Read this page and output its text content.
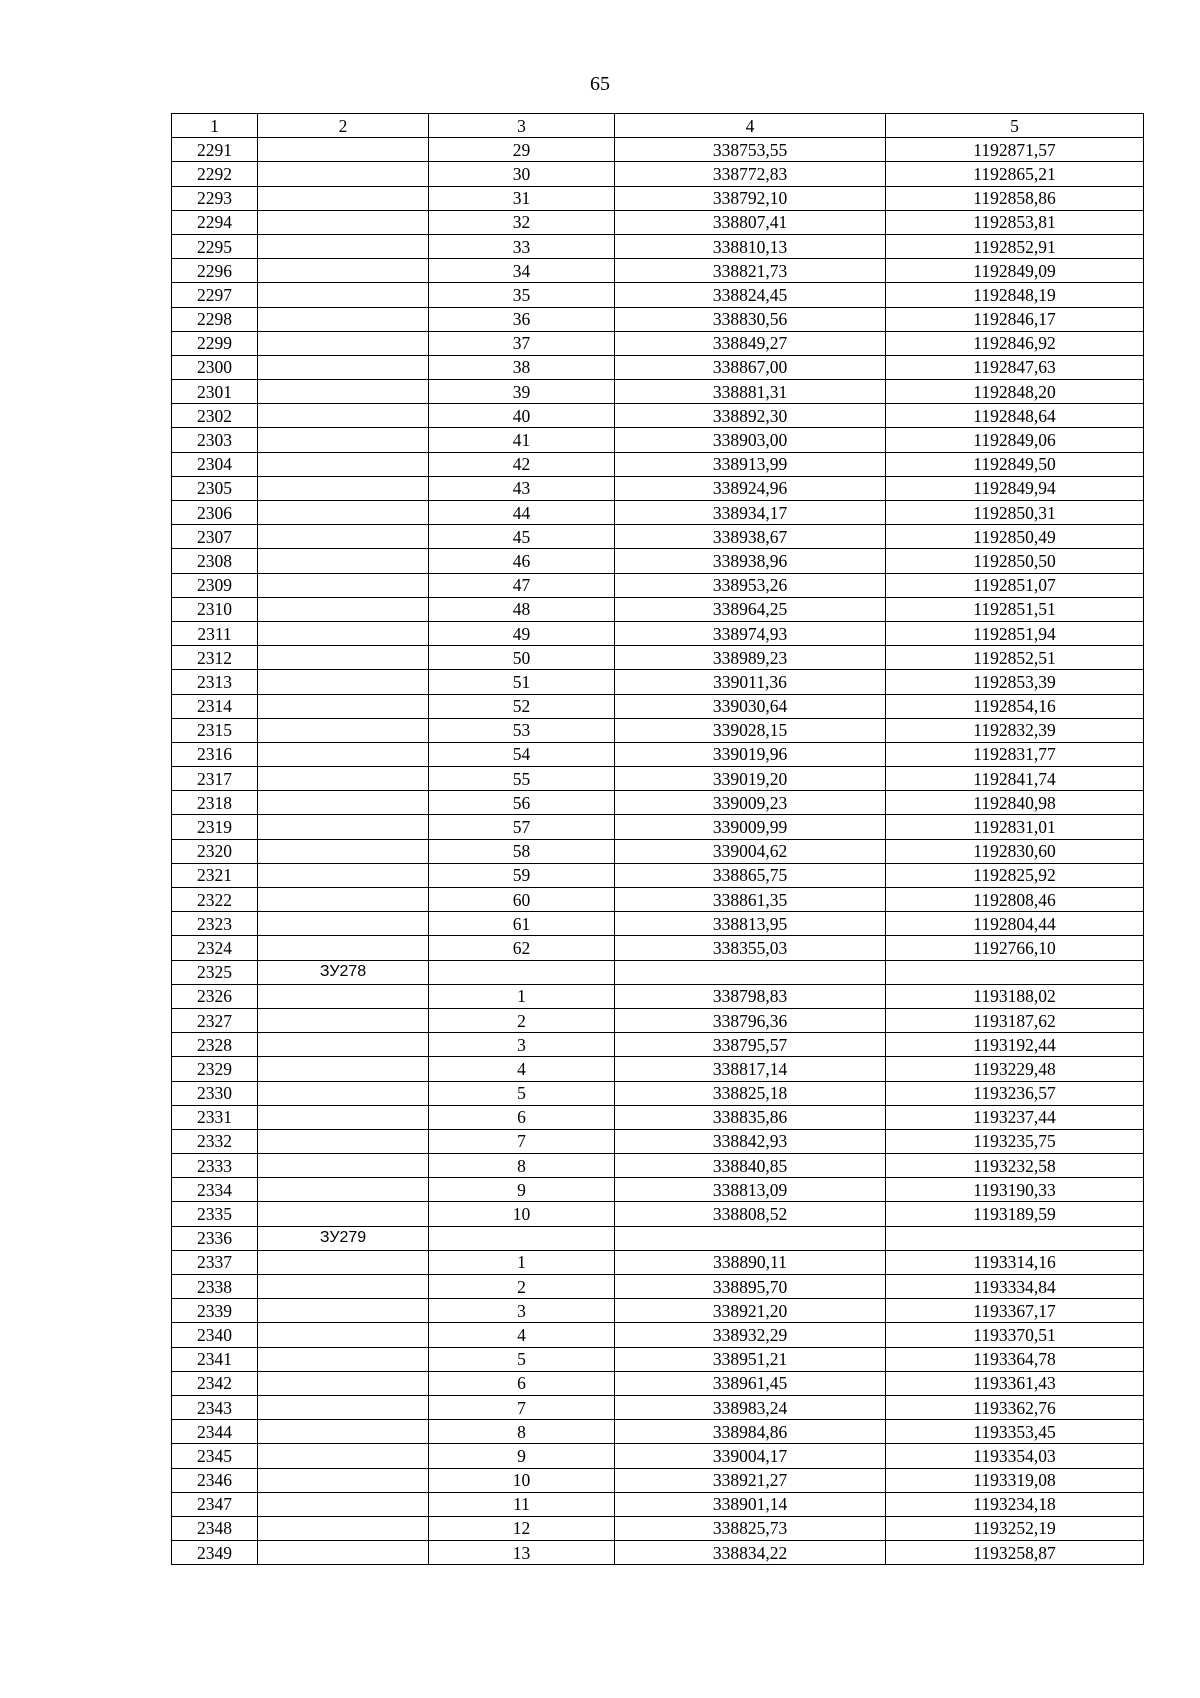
65
1	2	3	4	5
2291		29	338753,55	1192871,57
2292		30	338772,83	1192865,21
2293		31	338792,10	1192858,86
2294		32	338807,41	1192853,81
2295		33	338810,13	1192852,91
2296		34	338821,73	1192849,09
2297		35	338824,45	1192848,19
2298		36	338830,56	1192846,17
2299		37	338849,27	1192846,92
2300		38	338867,00	1192847,63
2301		39	338881,31	1192848,20
2302		40	338892,30	1192848,64
2303		41	338903,00	1192849,06
2304		42	338913,99	1192849,50
2305		43	338924,96	1192849,94
2306		44	338934,17	1192850,31
2307		45	338938,67	1192850,49
2308		46	338938,96	1192850,50
2309		47	338953,26	1192851,07
2310		48	338964,25	1192851,51
2311		49	338974,93	1192851,94
2312		50	338989,23	1192852,51
2313		51	339011,36	1192853,39
2314		52	339030,64	1192854,16
2315		53	339028,15	1192832,39
2316		54	339019,96	1192831,77
2317		55	339019,20	1192841,74
2318		56	339009,23	1192840,98
2319		57	339009,99	1192831,01
2320		58	339004,62	1192830,60
2321		59	338865,75	1192825,92
2322		60	338861,35	1192808,46
2323		61	338813,95	1192804,44
2324		62	338355,03	1192766,10
2325	ЗУ278			
2326		1	338798,83	1193188,02
2327		2	338796,36	1193187,62
2328		3	338795,57	1193192,44
2329		4	338817,14	1193229,48
2330		5	338825,18	1193236,57
2331		6	338835,86	1193237,44
2332		7	338842,93	1193235,75
2333		8	338840,85	1193232,58
2334		9	338813,09	1193190,33
2335		10	338808,52	1193189,59
2336	ЗУ279			
2337		1	338890,11	1193314,16
2338		2	338895,70	1193334,84
2339		3	338921,20	1193367,17
2340		4	338932,29	1193370,51
2341		5	338951,21	1193364,78
2342		6	338961,45	1193361,43
2343		7	338983,24	1193362,76
2344		8	338984,86	1193353,45
2345		9	339004,17	1193354,03
2346		10	338921,27	1193319,08
2347		11	338901,14	1193234,18
2348		12	338825,73	1193252,19
2349		13	338834,22	1193258,87
